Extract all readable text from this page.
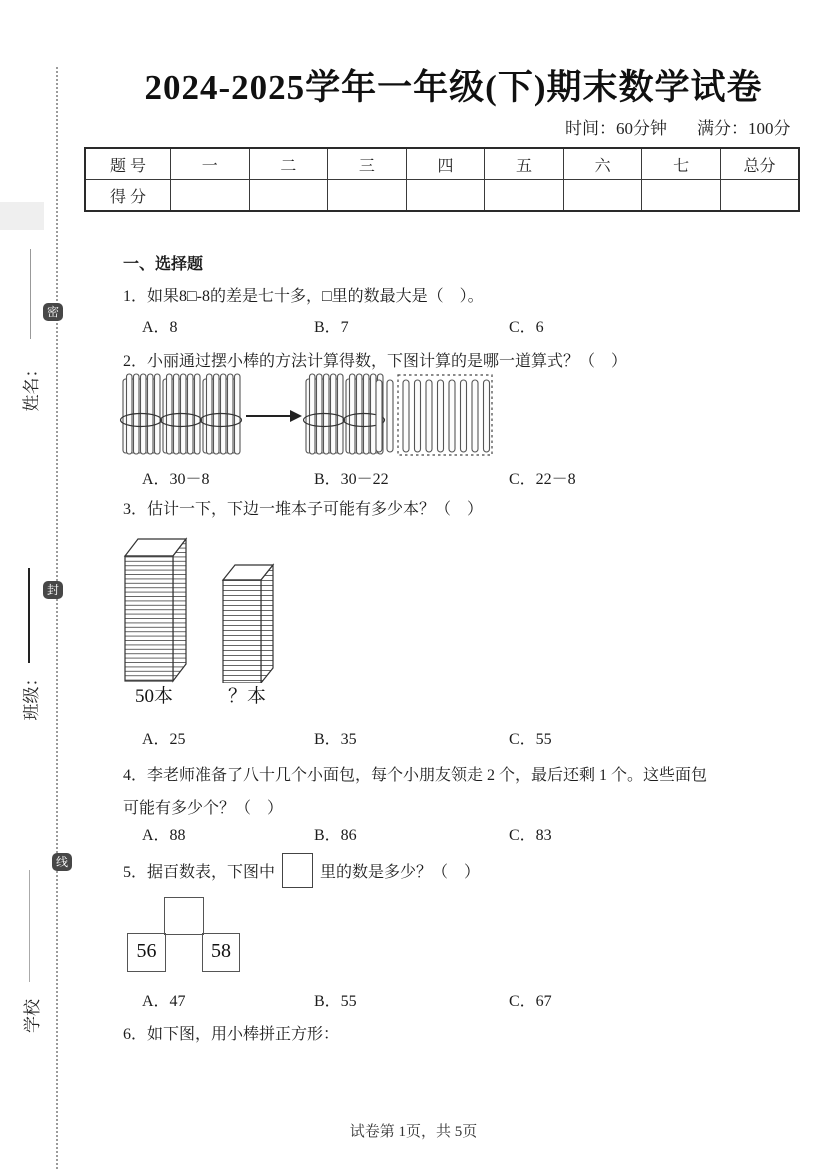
密
封
线
姓名：
班级：
学校
2024-2025学年一年级(下)期末数学试卷
时间：60分钟 满分：100分
题 号	一	二	三	四	五	六	七	总分
得 分								
一、选择题
1．如果8□-8的差是七十多，□里的数最大是（　）。
A．8	B．7	C．6
2．小丽通过摆小棒的方法计算得数，下图计算的是哪一道算式？（　）
A．30－8	B．30－22	C．22－8
3．估计一下，下边一堆本子可能有多少本？（　）
50本	？本
A．25	B．35	C．55
4．李老师准备了八十几个小面包，每个小朋友领走 2 个，最后还剩 1 个。这些面包可能有多少个？（　）
A．88	B．86	C．83
5．据百数表，下图中	里的数是多少？（　）
56	58
A．47	B．55	C．67
6．如下图，用小棒拼正方形：
试卷第 1页，共 5页
